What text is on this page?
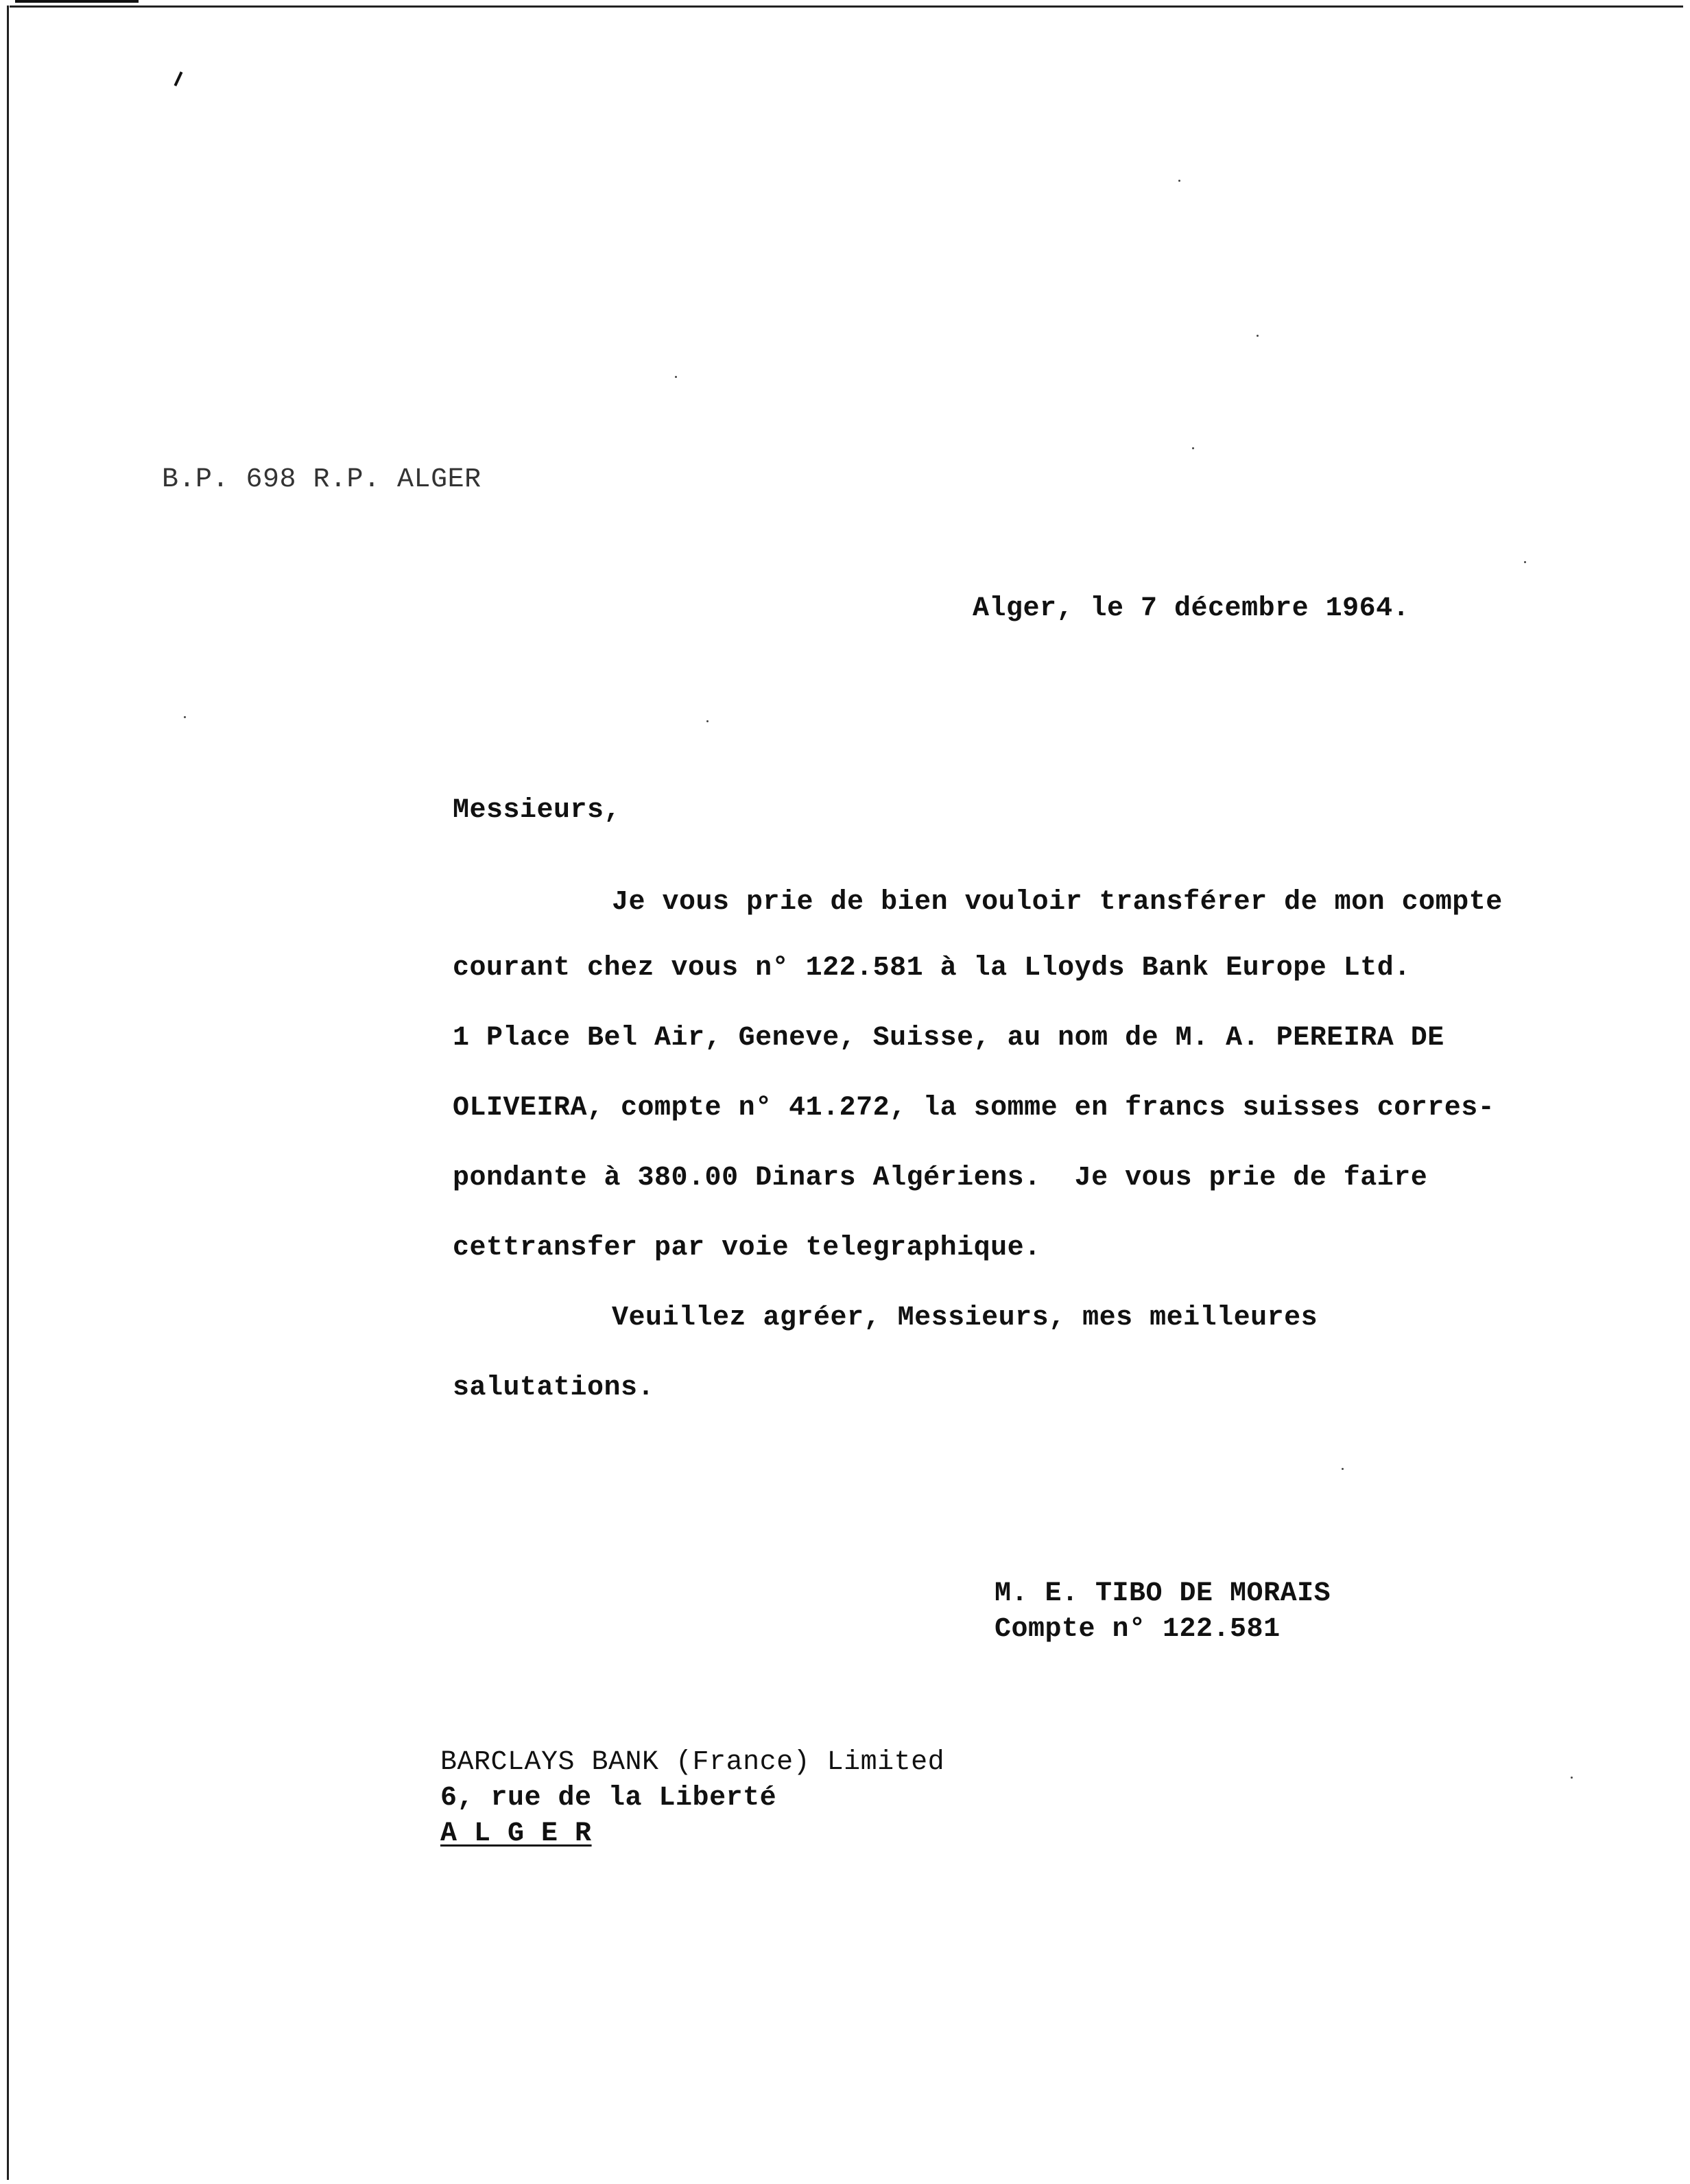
B.P. 698 R.P. ALGER
Alger, le 7 décembre 1964.
Messieurs,
Je vous prie de bien vouloir transférer de mon compte
courant chez vous n° 122.581 à la Lloyds Bank Europe Ltd.
1 Place Bel Air, Geneve, Suisse, au nom de M. A. PEREIRA DE
OLIVEIRA, compte n° 41.272, la somme en francs suisses corres-
pondante à 380.00 Dinars Algériens.  Je vous prie de faire
cettransfer par voie telegraphique.
Veuillez agréer, Messieurs, mes meilleures
salutations.
M. E. TIBO DE MORAIS
Compte n° 122.581
BARCLAYS BANK (France) Limited
6, rue de la Liberté
A L G E R
